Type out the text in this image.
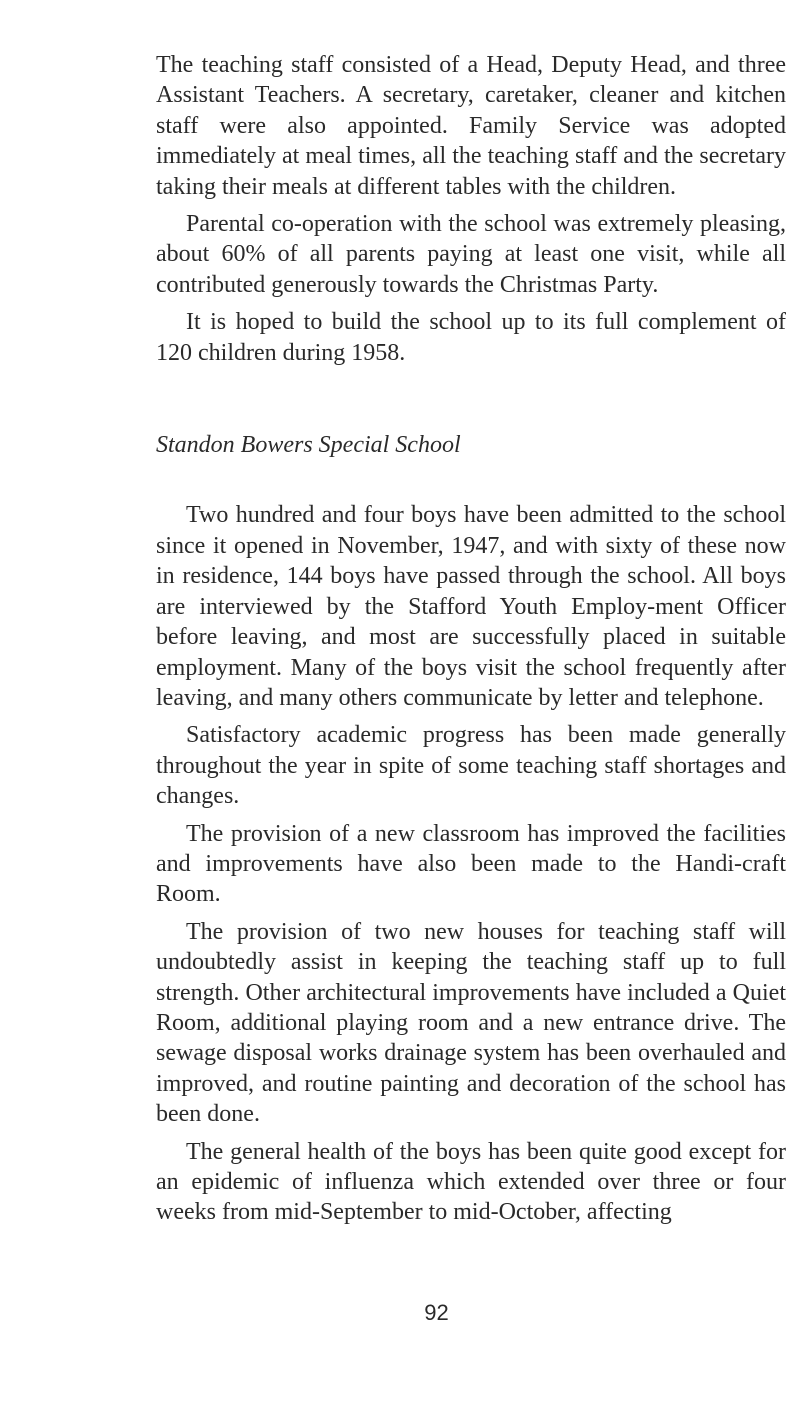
The teaching staff consisted of a Head, Deputy Head, and three Assistant Teachers. A secretary, caretaker, cleaner and kitchen staff were also appointed. Family Service was adopted immediately at meal times, all the teaching staff and the secretary taking their meals at different tables with the children.

Parental co-operation with the school was extremely pleasing, about 60% of all parents paying at least one visit, while all contributed generously towards the Christmas Party.

It is hoped to build the school up to its full complement of 120 children during 1958.

Standon Bowers Special School

Two hundred and four boys have been admitted to the school since it opened in November, 1947, and with sixty of these now in residence, 144 boys have passed through the school. All boys are interviewed by the Stafford Youth Employ-ment Officer before leaving, and most are successfully placed in suitable employment. Many of the boys visit the school frequently after leaving, and many others communicate by letter and telephone.

Satisfactory academic progress has been made generally throughout the year in spite of some teaching staff shortages and changes.

The provision of a new classroom has improved the facilities and improvements have also been made to the Handi-craft Room.

The provision of two new houses for teaching staff will undoubtedly assist in keeping the teaching staff up to full strength. Other architectural improvements have included a Quiet Room, additional playing room and a new entrance drive. The sewage disposal works drainage system has been overhauled and improved, and routine painting and decoration of the school has been done.

The general health of the boys has been quite good except for an epidemic of influenza which extended over three or four weeks from mid-September to mid-October, affecting

92
